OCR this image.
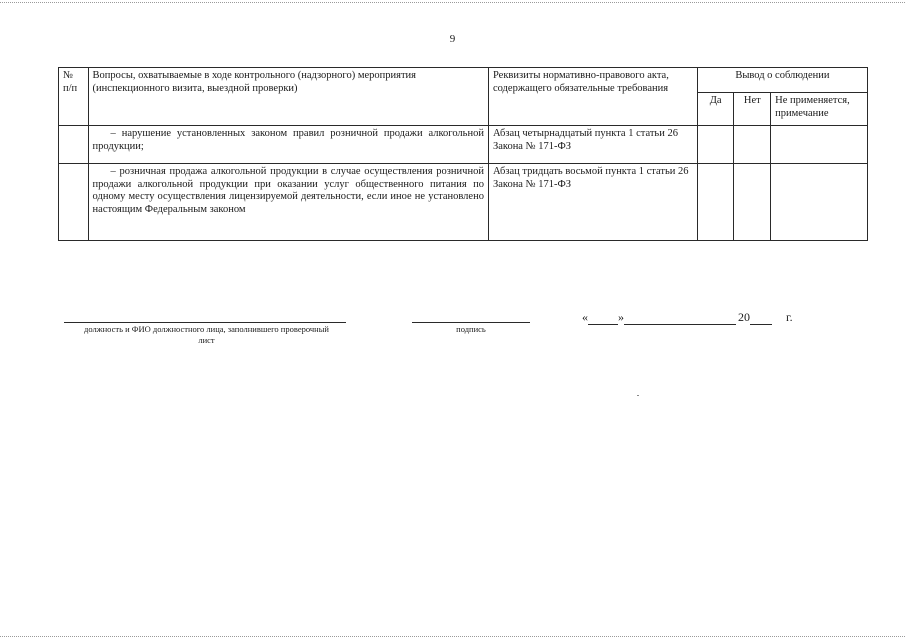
9
№ п/п	Вопросы, охватываемые в ходе контрольного (надзорного) мероприятия (инспекционного визита, выездной проверки)	Реквизиты нормативно-правового акта, содержащего обязательные требования	Вывод о соблюдении		
			Да	Нет	Не применяется, примечание
	– нарушение установленных законом правил розничной продажи алкогольной продукции;	Абзац четырнадцатый пункта 1 статьи 26 Закона № 171-ФЗ			
	– розничная продажа алкогольной продукции в случае осуществления розничной продажи алкогольной продукции при оказании услуг общественного питания по одному месту осуществления лицензируемой деятельности, если иное не установлено настоящим Федеральным законом	Абзац тридцать восьмой пункта 1 статьи 26 Закона № 171-ФЗ			
должность и ФИО должностного лица, заполнившего проверочный лист
подпись
«	»	20	г.
